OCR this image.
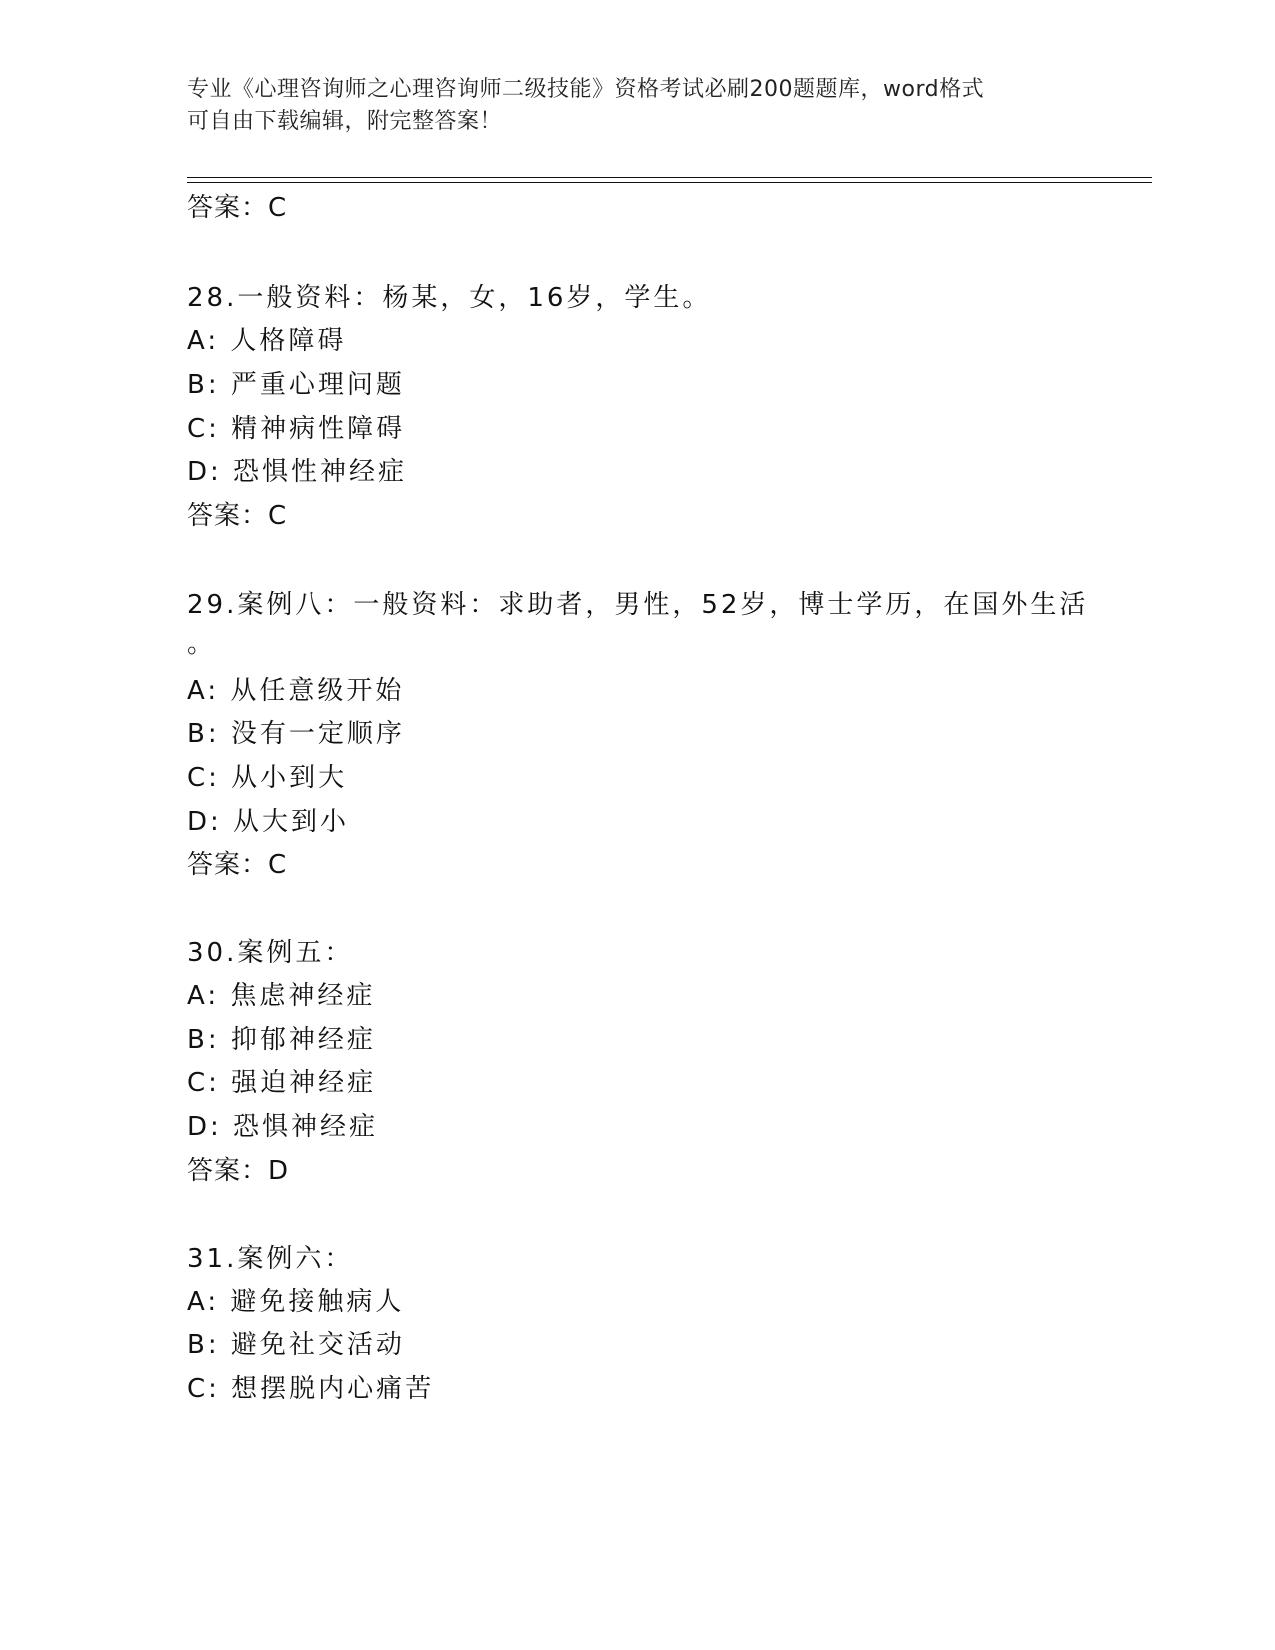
专业《心理咨询师之心理咨询师二级技能》资格考试必刷200题题库，word格式
可自由下载编辑，附完整答案！
答案：C
28.一般资料：杨某，女，16岁，学生。
A: 人格障碍
B: 严重心理问题
C: 精神病性障碍
D: 恐惧性神经症
答案：C
29.案例八：一般资料：求助者，男性，52岁，博士学历，在国外生活
。
A: 从任意级开始
B: 没有一定顺序
C: 从小到大
D: 从大到小
答案：C
30.案例五：
A: 焦虑神经症
B: 抑郁神经症
C: 强迫神经症
D: 恐惧神经症
答案：D
31.案例六：
A: 避免接触病人
B: 避免社交活动
C: 想摆脱内心痛苦
